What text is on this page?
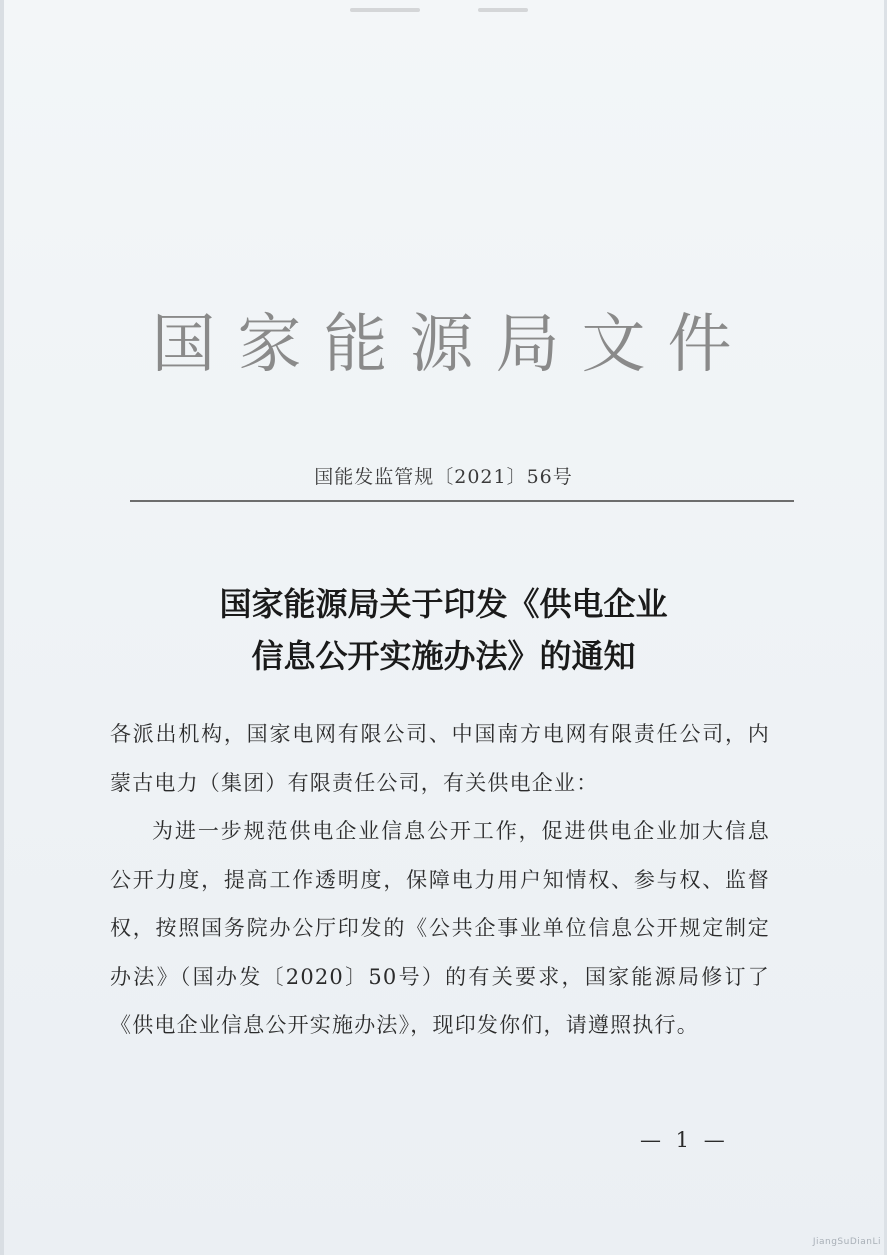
国家能源局文件
国能发监管规〔2021〕56号
国家能源局关于印发《供电企业
信息公开实施办法》的通知

各派出机构，国家电网有限公司、中国南方电网有限责任公司，内蒙古电力（集团）有限责任公司，有关供电企业：

为进一步规范供电企业信息公开工作，促进供电企业加大信息公开力度，提高工作透明度，保障电力用户知情权、参与权、监督权，按照国务院办公厅印发的《公共企事业单位信息公开规定制定办法》（国办发〔2020〕50号）的有关要求，国家能源局修订了《供电企业信息公开实施办法》，现印发你们，请遵照执行。

— 1 —
JiangSuDianLi
